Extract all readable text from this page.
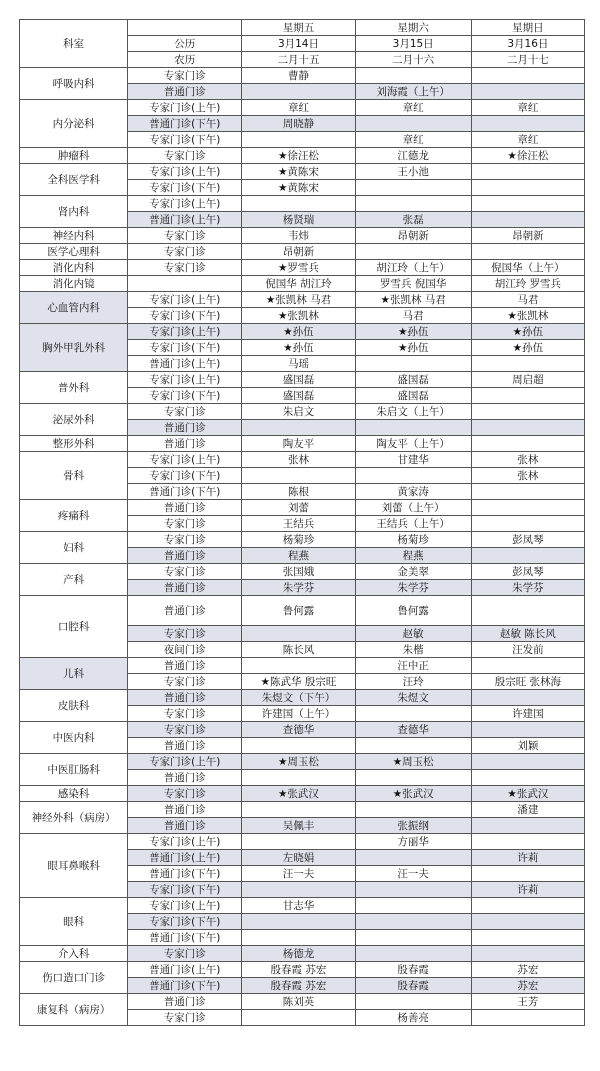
科室		星期五	星期六	星期日
	公历	3月14日	3月15日	3月16日
	农历	二月十五	二月十六	二月十七
呼吸内科	专家门诊	曹静		
	普通门诊		刘海霞（上午）	
内分泌科	专家门诊(上午)	章红	章红	章红
	普通门诊(下午)	周晓静		
	专家门诊(下午)		章红	章红
肿瘤科	专家门诊	★徐汪松	江德龙	★徐汪松
全科医学科	专家门诊(上午)	★黄陈宋	王小池	
	专家门诊(下午)	★黄陈宋		
肾内科	专家门诊(上午)			
	普通门诊(上午)	杨贤瑞	张磊	
神经内科	专家门诊	韦炜	昂朝新	昂朝新
医学心理科	专家门诊	昂朝新		
消化内科	专家门诊	★罗雪兵	胡江玲（上午）	倪国华（上午）
消化内镜		倪国华 胡江玲	罗雪兵 倪国华	胡江玲 罗雪兵
心血管内科	专家门诊(上午)	★张凯林 马君	★张凯林 马君	马君
	专家门诊(下午)	★张凯林	马君	★张凯林
胸外甲乳外科	专家门诊(上午)	★孙伍	★孙伍	★孙伍
	专家门诊(下午)	★孙伍	★孙伍	★孙伍
	普通门诊(上午)	马瑶		
普外科	专家门诊(上午)	盛国磊	盛国磊	周启超
	专家门诊(下午)	盛国磊	盛国磊	
泌尿外科	专家门诊	朱启文	朱启文（上午）	
	普通门诊			
整形外科	普通门诊	陶友平	陶友平（上午）	
骨科	专家门诊(上午)	张林	甘建华	张林
	专家门诊(下午)			张林
	普通门诊(下午)	陈根	黄家涛	
疼痛科	普通门诊	刘蕾	刘蕾（上午）	
	专家门诊	王结兵	王结兵（上午）	
妇科	专家门诊	杨菊珍	杨菊珍	彭凤琴
	普通门诊	程燕	程燕	
产科	专家门诊	张国娥	金美翠	彭凤琴
	普通门诊	朱学芬	朱学芬	朱学芬
口腔科	普通门诊	鲁何露	鲁何露	
	专家门诊		赵敏	赵敏 陈长风
	夜间门诊	陈长风	朱楷	汪发前
儿科	普通门诊		汪中正	
	专家门诊	★陈武华 殷宗旺	汪玲	殷宗旺 张林海
皮肤科	普通门诊	朱煜文（下午）	朱煜文	
	专家门诊	许建国（上午）		许建国
中医内科	专家门诊	查德华	查德华	
	普通门诊			刘颖
中医肛肠科	专家门诊(上午)	★周玉松	★周玉松	
	普通门诊			
感染科	专家门诊	★张武汉	★张武汉	★张武汉
神经外科（病房）	普通门诊			潘建
	普通门诊	吴佩丰	张振纲	
眼耳鼻喉科	专家门诊(上午)		方丽华	
	普通门诊(上午)	左晓娟		许莉
	普通门诊(下午)	汪一夫	汪一夫	
	专家门诊(下午)			许莉
眼科	专家门诊(上午)	甘志华		
	专家门诊(下午)			
	普通门诊(下午)			
介入科	专家门诊	杨德龙		
伤口造口门诊	普通门诊(上午)	殷春霞 苏宏	殷春霞	苏宏
	普通门诊(下午)	殷春霞 苏宏	殷春霞	苏宏
康复科（病房）	普通门诊	陈刘英		王芳
	专家门诊		杨善亮	
